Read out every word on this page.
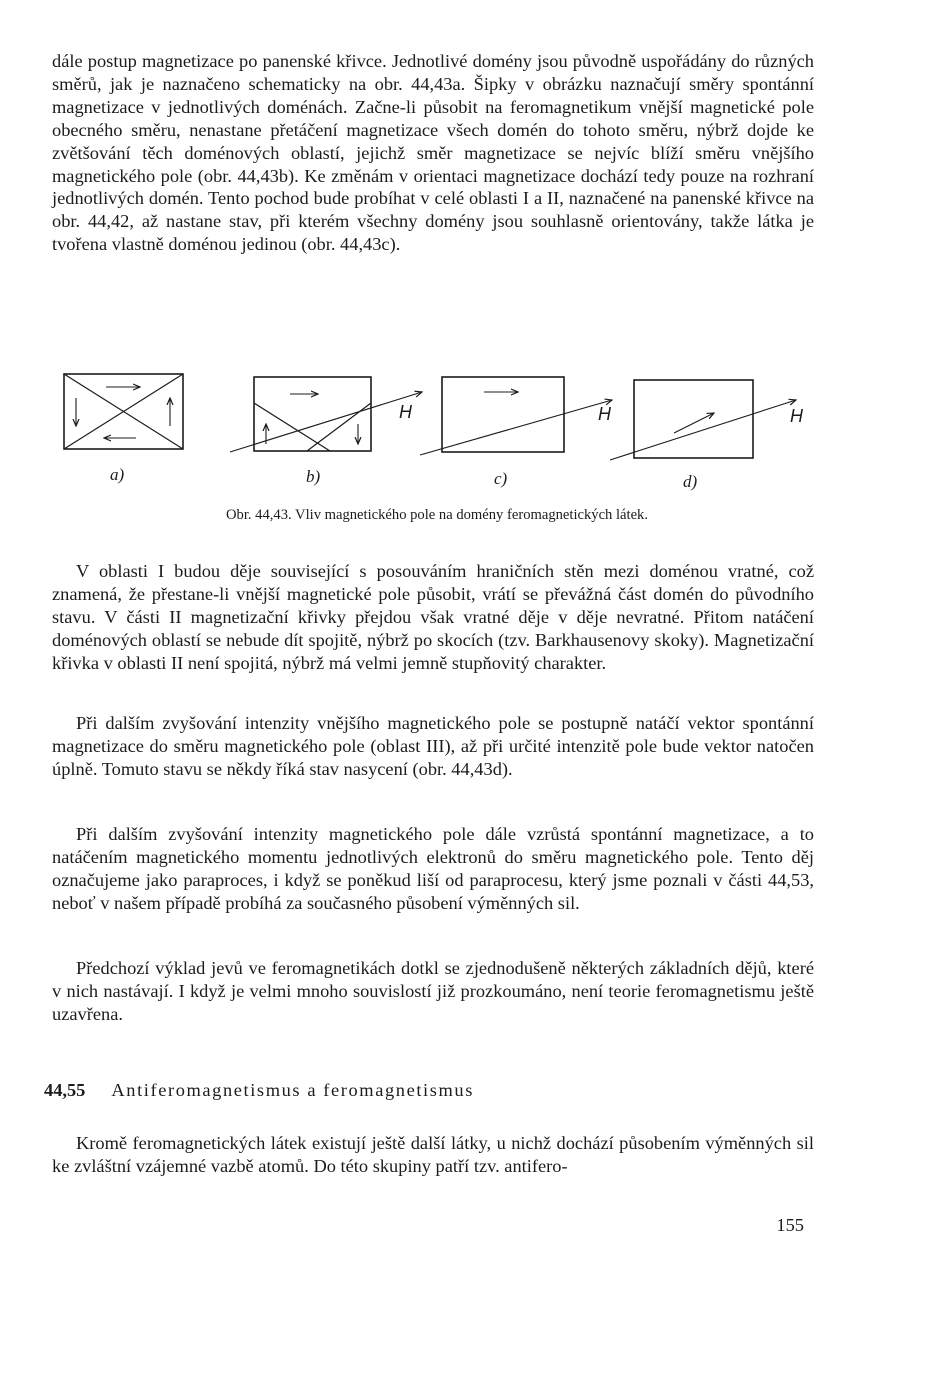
dále postup magnetizace po panenské křivce. Jednotlivé domény jsou původně uspořádány do různých směrů, jak je naznačeno schematicky na obr. 44,43a. Šipky v obrázku naznačují směry spontánní magnetizace v jednotlivých doménách. Začne-li působit na feromagnetikum vnější magnetické pole obecného směru, nenastane přetáčení magnetizace všech domén do tohoto směru, nýbrž dojde ke zvětšování těch doménových oblastí, jejichž směr magnetizace se nejvíc blíží směru vnějšího magnetického pole (obr. 44,43b). Ke změnám v orientaci magnetizace dochází tedy pouze na rozhraní jednotlivých domén. Tento pochod bude probíhat v celé oblasti I a II, naznačené na panenské křivce na obr. 44,42, až nastane stav, při kterém všechny domény jsou souhlasně orientovány, takže látka je tvořena vlastně doménou jedinou (obr. 44,43c).

H	H	H
a)	b)	c)	d)

Obr. 44,43. Vliv magnetického pole na domény feromagnetických látek.

V oblasti I budou děje související s posouváním hraničních stěn mezi doménou vratné, což znamená, že přestane-li vnější magnetické pole působit, vrátí se převážná část domén do původního stavu. V části II magnetizační křivky přejdou však vratné děje v děje nevratné. Přitom natáčení doménových oblastí se nebude dít spojitě, nýbrž po skocích (tzv. Barkhausenovy skoky). Magnetizační křivka v oblasti II není spojitá, nýbrž má velmi jemně stupňovitý charakter.

Při dalším zvyšování intenzity vnějšího magnetického pole se postupně natáčí vektor spontánní magnetizace do směru magnetického pole (oblast III), až při určité intenzitě pole bude vektor natočen úplně. Tomuto stavu se někdy říká stav nasycení (obr. 44,43d).

Při dalším zvyšování intenzity magnetického pole dále vzrůstá spontánní magnetizace, a to natáčením magnetického momentu jednotlivých elektronů do směru magnetického pole. Tento děj označujeme jako paraproces, i když se poněkud liší od paraprocesu, který jsme poznali v části 44,53, neboť v našem případě probíhá za současného působení výměnných sil.

Předchozí výklad jevů ve feromagnetikách dotkl se zjednodušeně některých základních dějů, které v nich nastávají. I když je velmi mnoho souvislostí již prozkoumáno, není teorie feromagnetismu ještě uzavřena.

44,55 Antiferomagnetismus a feromagnetismus

Kromě feromagnetických látek existují ještě další látky, u nichž dochází působením výměnných sil ke zvláštní vzájemné vazbě atomů. Do této skupiny patří tzv. antifero-

155
